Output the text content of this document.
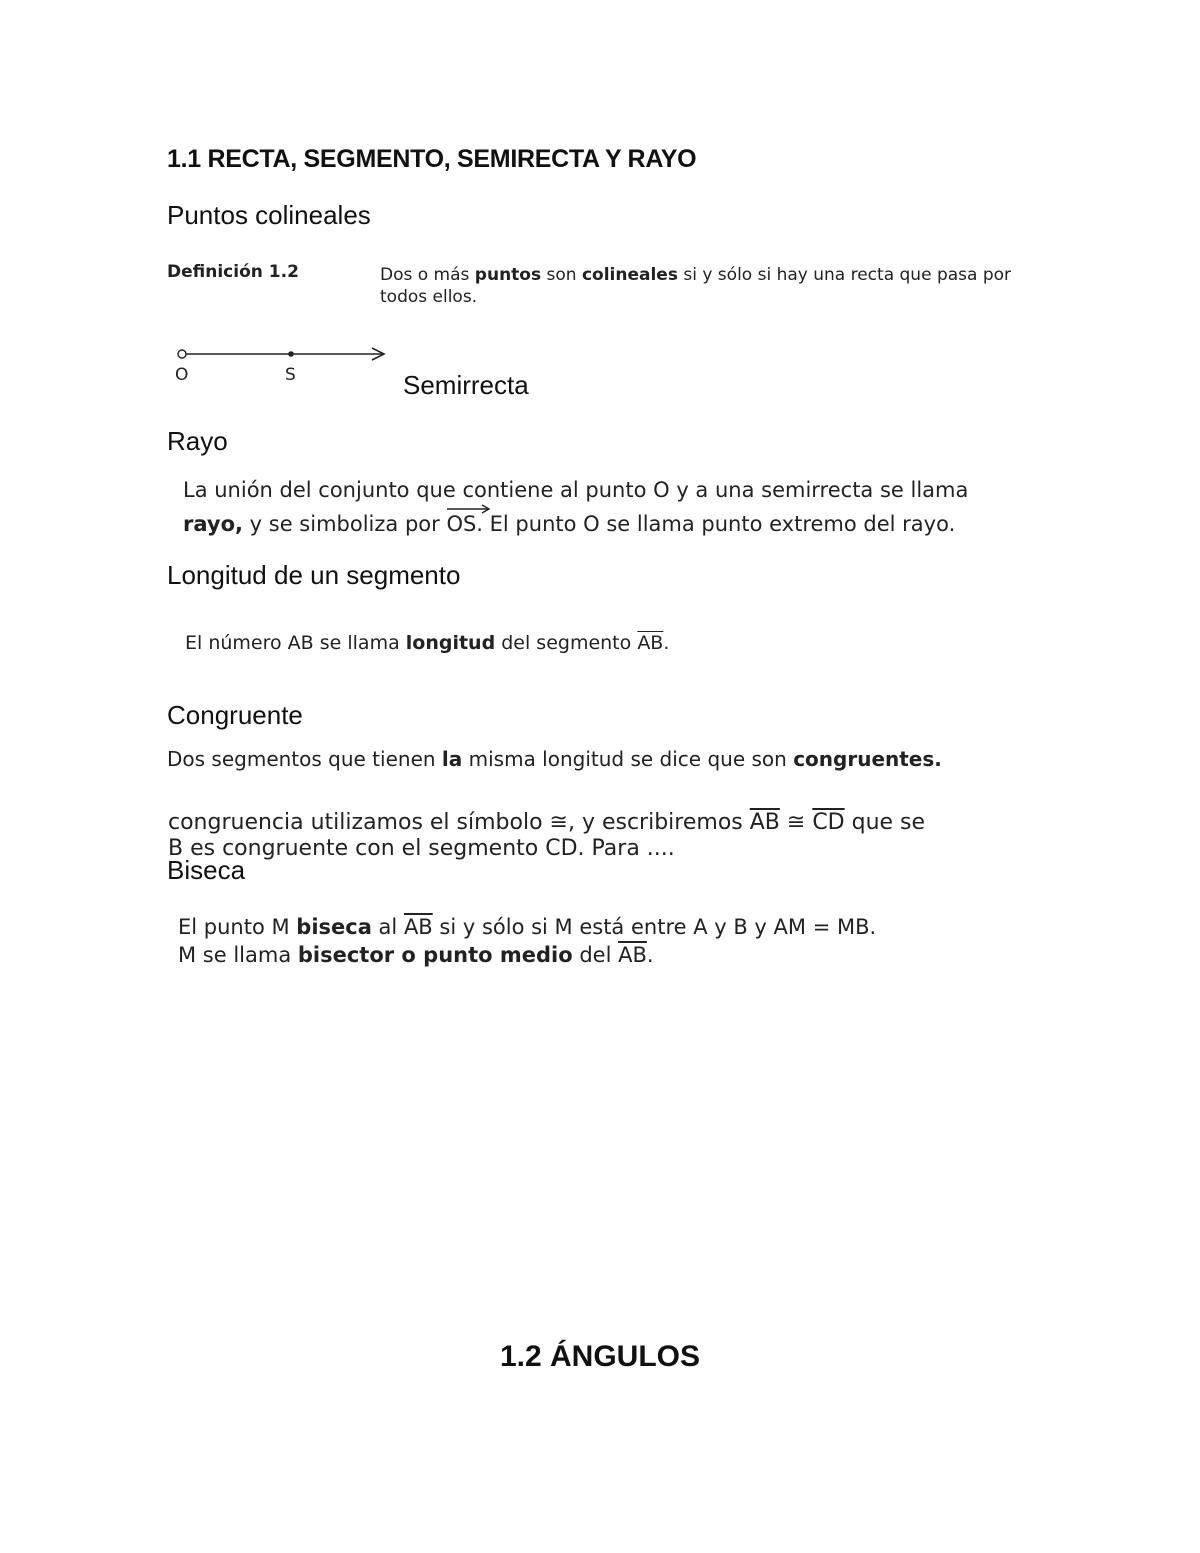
1.1 RECTA, SEGMENTO, SEMIRECTA Y RAYO
Puntos colineales
Definición 1.2	Dos o más puntos son colineales si y sólo si hay una recta que pasa por
todos ellos.
O	S	Semirrecta
Rayo
La unión del conjunto que contiene al punto O y a una semirrecta se llama
rayo, y se simboliza por
OS. El punto O se llama punto extremo del rayo.
Longitud de un segmento
El número AB se llama longitud del segmento $\overline{AB}$.
Congruente
Dos segmentos que tienen la misma longitud se dice que son congruentes.
congruencia utilizamos el símbolo ≅, y escribiremos $\overline{AB}$ ≅ $\overline{CD}$ que se
B es congruente con el segmento CD. Para ....
Biseca
El punto M biseca al $\overline{AB}$ si y sólo si M está entre A y B y AM = MB.
M se llama bisector o punto medio del $\overline{AB}$.
1.2 ÁNGULOS
